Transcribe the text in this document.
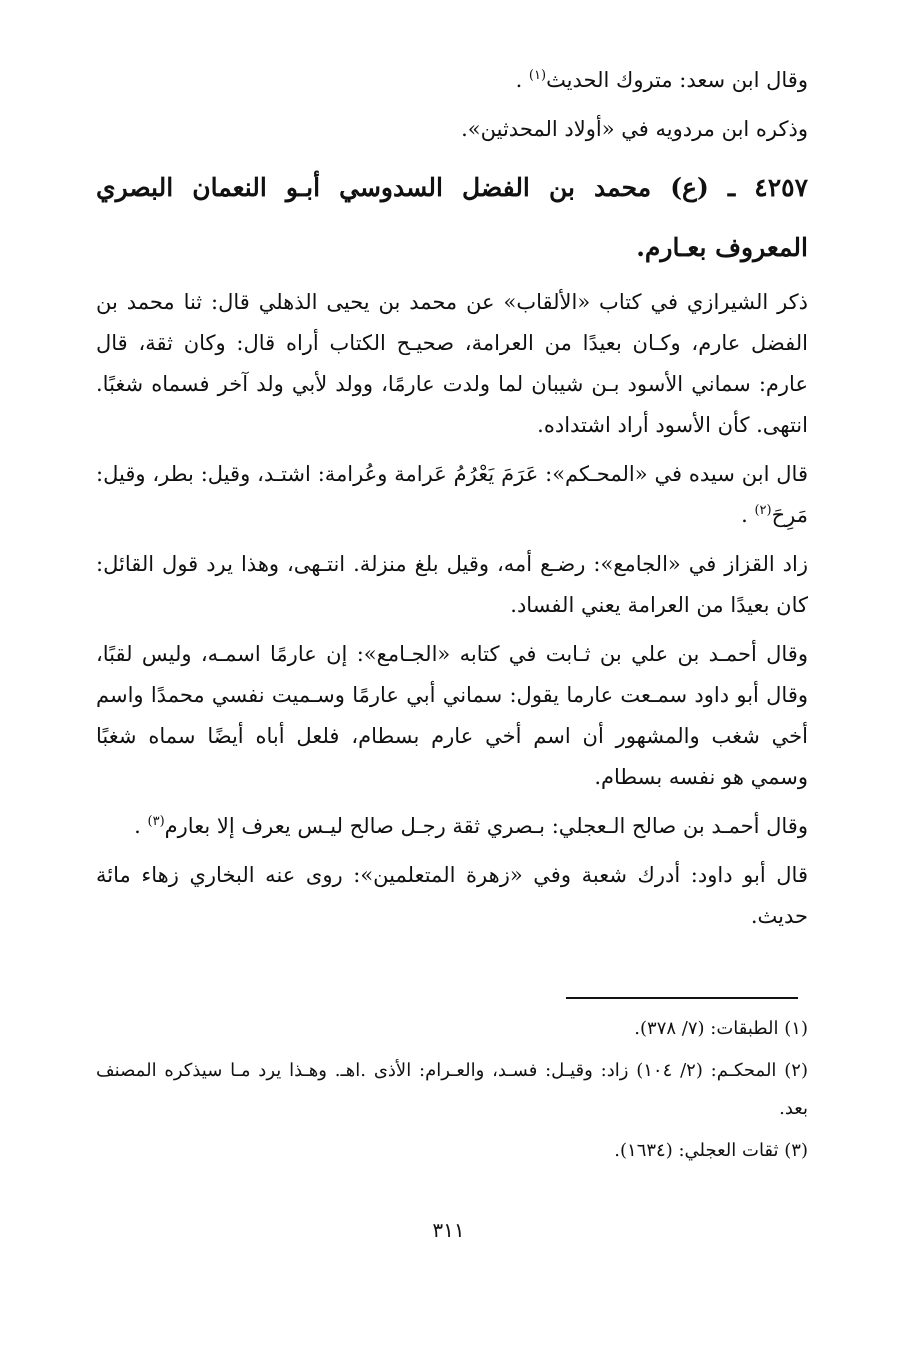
وقال ابن سعد: متروك الحديث$^{(١)}$ .

وذكره ابن مردويه في «أولاد المحدثين».

٤٢٥٧ ـ (ع) محمد بن الفضل السدوسي أبـو النعمان البصري المعروف بعـارم.

ذكر الشيرازي في كتاب «الألقاب» عن محمد بن يحيى الذهلي قال: ثنا محمد بن الفضل عارم، وكـان بعيدًا من العرامة، صحيـح الكتاب أراه قال: وكان ثقة، قال عارم: سماني الأسود بـن شيبان لما ولدت عارمًا، وولد لأبي ولد آخر فسماه شغبًا. انتهى. كأن الأسود أراد اشتداده.

قال ابن سيده في «المحـكم»: عَرَمَ يَعْرُمُ عَرامة وعُرامة: اشتـد، وقيل: بطر، وقيل: مَرِحَ$^{(٢)}$ .

زاد القزاز في «الجامع»: رضـع أمه، وقيل بلغ منزلة. انتـهى، وهذا يرد قول القائل: كان بعيدًا من العرامة يعني الفساد.

وقال أحمـد بن علي بن ثـابت في كتابه «الجـامع»: إن عارمًا اسمـه، وليس لقبًا، وقال أبو داود سمـعت عارما يقول: سماني أبي عارمًا وسـميت نفسي محمدًا واسم أخي شغب والمشهور أن اسم أخي عارم بسطام، فلعل أباه أيضًا سماه شغبًا وسمي هو نفسه بسطام.

وقال أحمـد بن صالح الـعجلي: بـصري ثقة رجـل صالح ليـس يعرف إلا بعارم$^{(٣)}$ .

قال أبو داود: أدرك شعبة وفي «زهرة المتعلمين»: روى عنه البخاري زهاء مائة حديث.

(١) الطبقات: (٧/ ٣٧٨).

(٢) المحكـم: (٢/ ١٠٤) زاد: وقيـل: فسـد، والعـرام: الأذى .اهـ. وهـذا يرد مـا سيذكره المصنف بعد.

(٣) ثقات العجلي: (١٦٣٤).

٣١١
